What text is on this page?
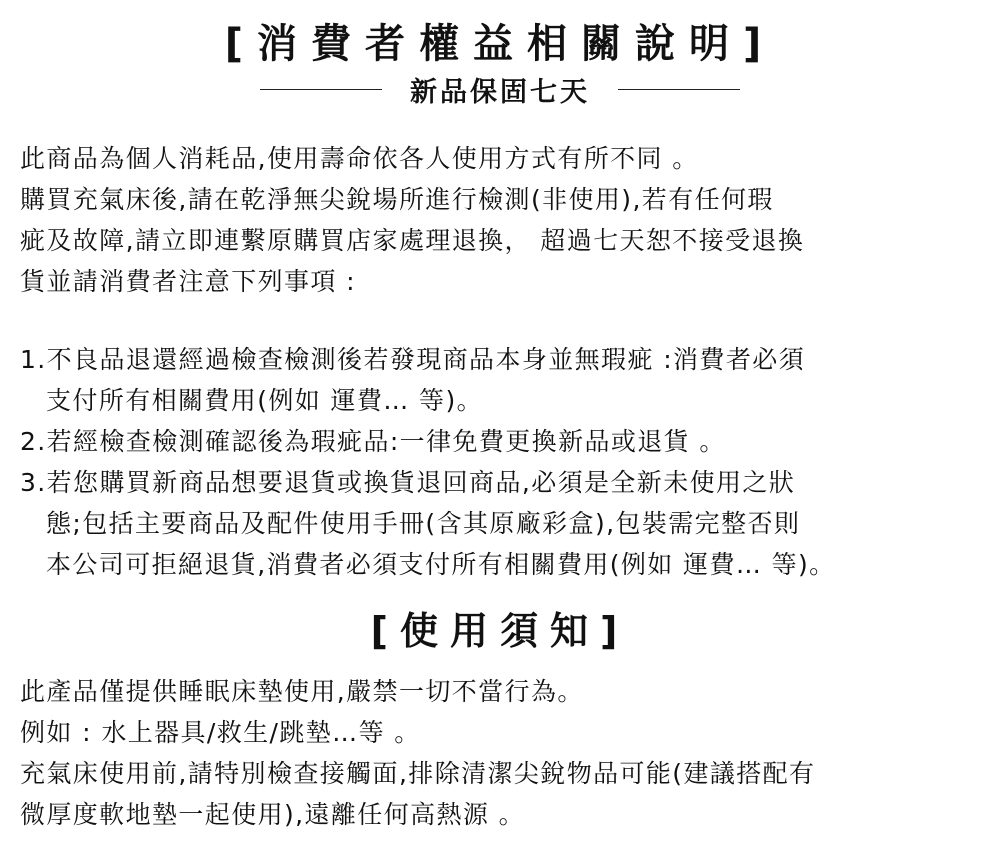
[消費者權益相關說明]
新品保固七天
此商品為個人消耗品,使用壽命依各人使用方式有所不同 。
購買充氣床後,請在乾淨無尖銳場所進行檢測(非使用),若有任何瑕
疵及故障,請立即連繫原購買店家處理退換， 超過七天恕不接受退換
貨並請消費者注意下列事項 :
1.不良品退還經過檢查檢測後若發現商品本身並無瑕疵 :消費者必須
支付所有相關費用(例如 運費… 等)。
2.若經檢查檢測確認後為瑕疵品:一律免費更換新品或退貨 。
3.若您購買新商品想要退貨或換貨退回商品,必須是全新未使用之狀
態;包括主要商品及配件使用手冊(含其原廠彩盒),包裝需完整否則
本公司可拒絕退貨,消費者必須支付所有相關費用(例如 運費… 等)。
[使用須知]
此產品僅提供睡眠床墊使用,嚴禁一切不當行為。
例如 : 水上器具/救生/跳墊…等 。
充氣床使用前,請特別檢查接觸面,排除清潔尖銳物品可能(建議搭配有
微厚度軟地墊一起使用),遠離任何高熱源 。
